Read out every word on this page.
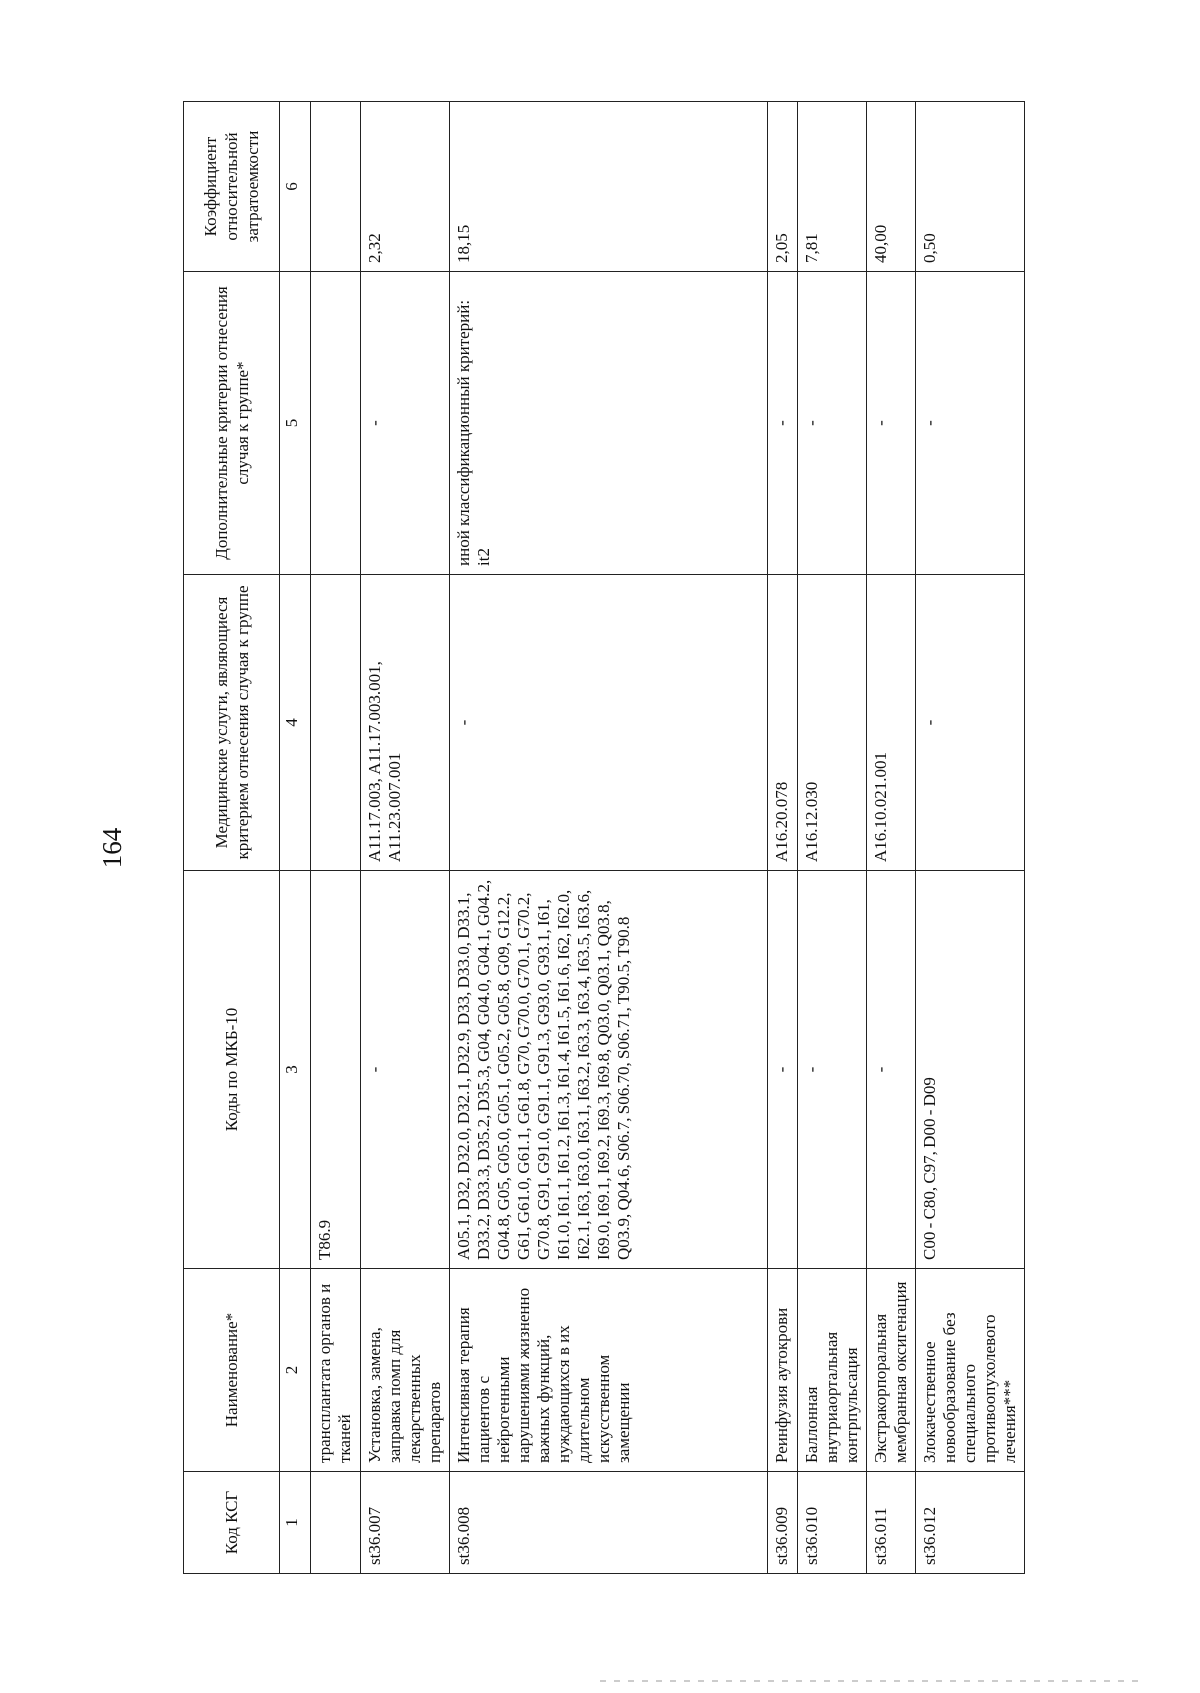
164
Код КСГ	Наименование*	Коды по МКБ-10	Медицинские услуги, являющиеся критерием отнесения случая к группе	Дополнительные критерии отнесения случая к группе*	Коэффициент относительной затратоемкости
1	2	3	4	5	6
	трансплантата органов и тканей	T86.9			
st36.007	Установка, замена, заправка помп для лекарственных препаратов	-	A11.17.003, A11.17.003.001, A11.23.007.001	-	2,32
st36.008	Интенсивная терапия пациентов с нейрогенными нарушениями жизненно важных функций, нуждающихся в их длительном искусственном замещении	A05.1, D32, D32.0, D32.1, D32.9, D33, D33.0, D33.1, D33.2, D33.3, D35.2, D35.3, G04, G04.0, G04.1, G04.2, G04.8, G05, G05.0, G05.1, G05.2, G05.8, G09, G12.2, G61, G61.0, G61.1, G61.8, G70, G70.0, G70.1, G70.2, G70.8, G91, G91.0, G91.1, G91.3, G93.0, G93.1, I61, I61.0, I61.1, I61.2, I61.3, I61.4, I61.5, I61.6, I62, I62.0, I62.1, I63, I63.0, I63.1, I63.2, I63.3, I63.4, I63.5, I63.6, I69.0, I69.1, I69.2, I69.3, I69.8, Q03.0, Q03.1, Q03.8, Q03.9, Q04.6, S06.7, S06.70, S06.71, T90.5, T90.8	-	иной классификационный критерий: it2	18,15
st36.009	Реинфузия аутокрови	-	A16.20.078	-	2,05
st36.010	Баллонная внутриаортальная контрпульсация	-	A16.12.030	-	7,81
st36.011	Экстракорпоральная мембранная оксигенация	-	A16.10.021.001	-	40,00
st36.012	Злокачественное новообразование без специального противоопухолевого лечения***	C00 - C80, C97, D00 - D09	-	-	0,50
